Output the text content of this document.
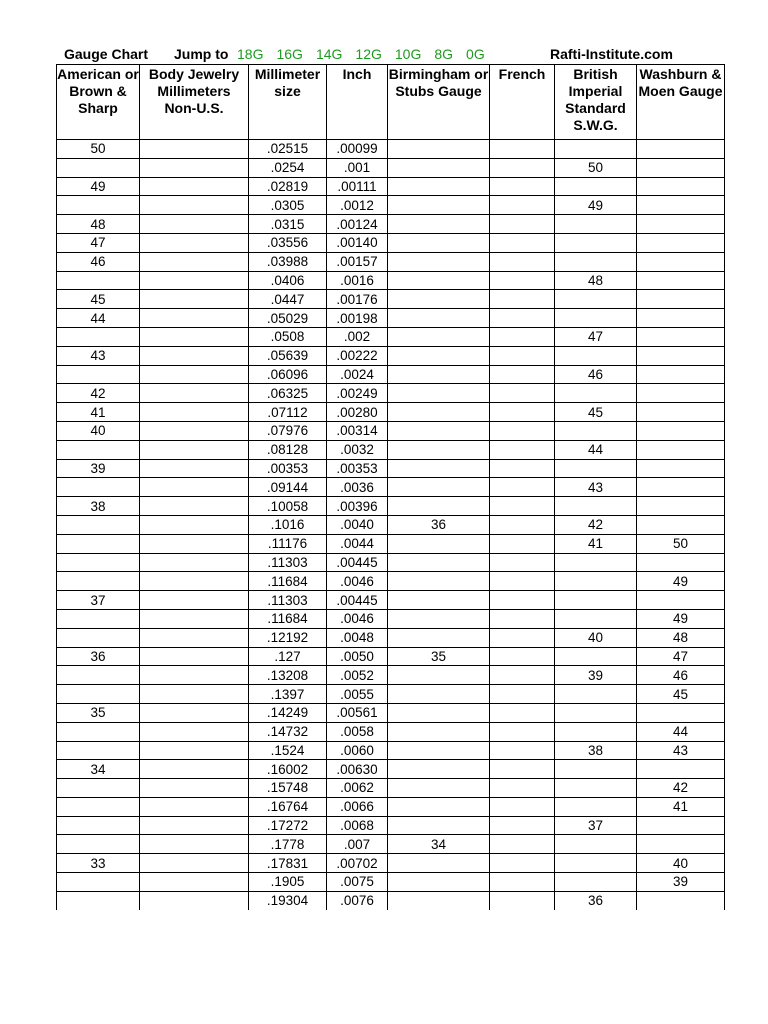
Gauge Chart Jump to 18G 16G 14G 12G 10G 8G 0G	Rafti-Institute.com
American or Brown & Sharp	Body Jewelry Millimeters Non-U.S.	Millimeter size	Inch	Birmingham or Stubs Gauge	French	British Imperial Standard S.W.G.	Washburn & Moen Gauge
50		.02515	.00099				
		.0254	.001			50	
49		.02819	.00111				
		.0305	.0012			49	
48		.0315	.00124				
47		.03556	.00140				
46		.03988	.00157				
		.0406	.0016			48	
45		.0447	.00176				
44		.05029	.00198				
		.0508	.002			47	
43		.05639	.00222				
		.06096	.0024			46	
42		.06325	.00249				
41		.07112	.00280			45	
40		.07976	.00314				
		.08128	.0032			44	
39		.00353	.00353				
		.09144	.0036			43	
38		.10058	.00396				
		.1016	.0040	36		42	
		.11176	.0044			41	50
		.11303	.00445				
		.11684	.0046				49
37		.11303	.00445				
		.11684	.0046				49
		.12192	.0048			40	48
36		.127	.0050	35			47
		.13208	.0052			39	46
		.1397	.0055				45
35		.14249	.00561				
		.14732	.0058				44
		.1524	.0060			38	43
34		.16002	.00630				
		.15748	.0062				42
		.16764	.0066				41
		.17272	.0068			37	
		.1778	.007	34			
33		.17831	.00702				40
		.1905	.0075				39
		.19304	.0076			36	
